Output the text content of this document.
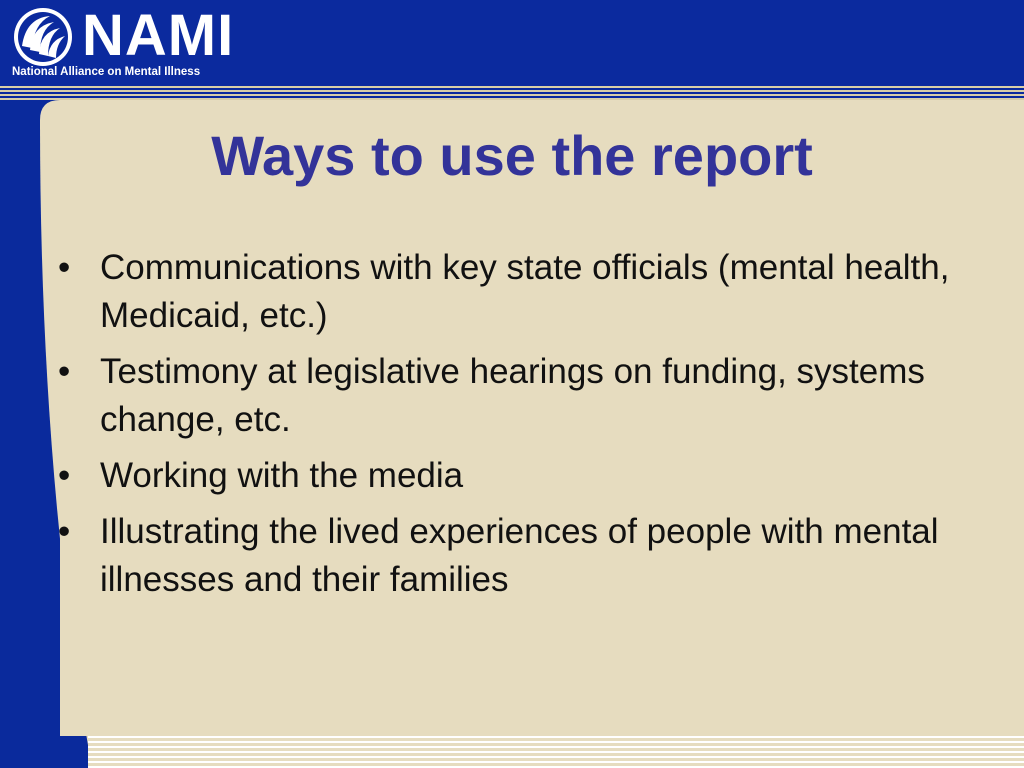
NAMI
National Alliance on Mental Illness
Ways to use the report
• Communications with key state officials (mental health, Medicaid, etc.)
• Testimony at legislative hearings on funding, systems change, etc.
• Working with the media
• Illustrating the lived experiences of people with mental illnesses and their families
